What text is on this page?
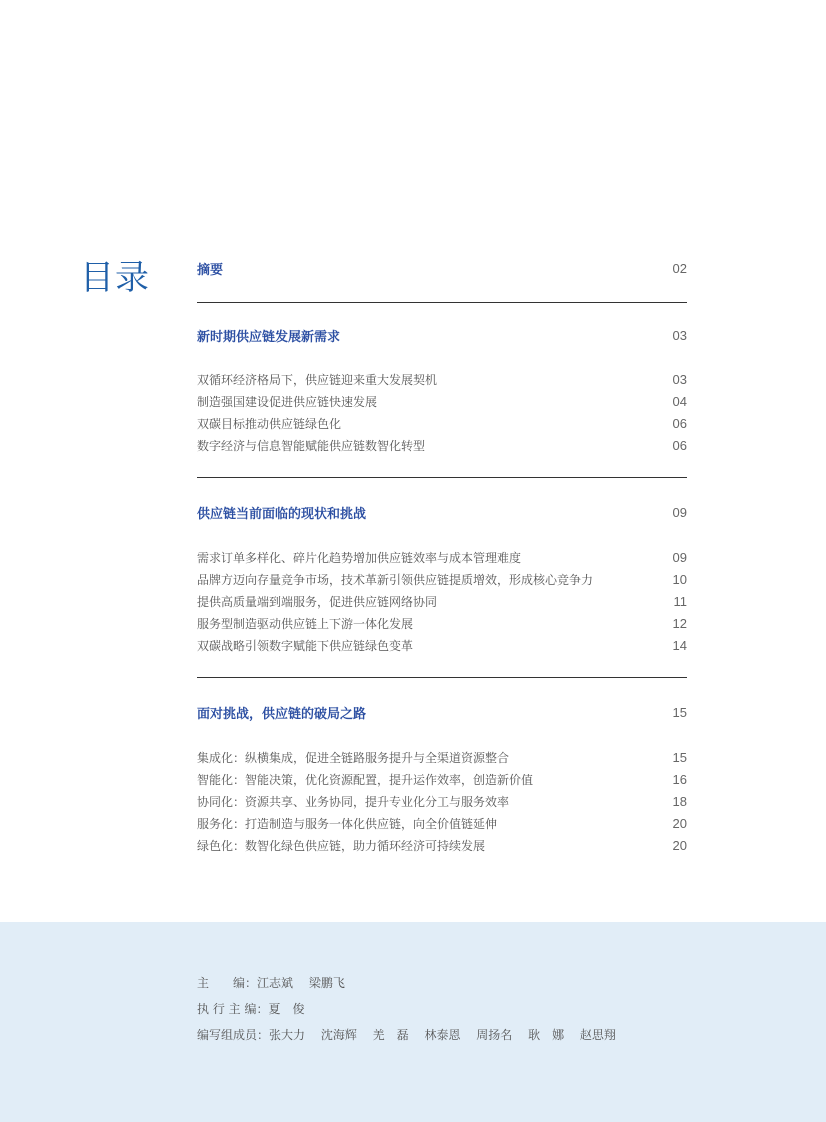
目录	摘要	02
新时期供应链发展新需求	03
双循环经济格局下，供应链迎来重大发展契机	03
制造强国建设促进供应链快速发展	04
双碳目标推动供应链绿色化	06
数字经济与信息智能赋能供应链数智化转型	06
供应链当前面临的现状和挑战	09
需求订单多样化、碎片化趋势增加供应链效率与成本管理难度	09
品牌方迈向存量竞争市场，技术革新引领供应链提质增效，形成核心竞争力	10
提供高质量端到端服务，促进供应链网络协同	11
服务型制造驱动供应链上下游一体化发展	12
双碳战略引领数字赋能下供应链绿色变革	14
面对挑战，供应链的破局之路	15
集成化：纵横集成，促进全链路服务提升与全渠道资源整合	15
智能化：智能决策，优化资源配置，提升运作效率，创造新价值	16
协同化：资源共享、业务协同，提升专业化分工与服务效率	18
服务化：打造制造与服务一体化供应链，向全价值链延伸	20
绿色化：数智化绿色供应链，助力循环经济可持续发展	20
主　　编：江志斌　 梁鹏飞
执 行 主 编：夏　俊
编写组成员：张大力　 沈海辉　 羌　磊　 林泰恩　 周扬名　 耿　娜　 赵思翔
